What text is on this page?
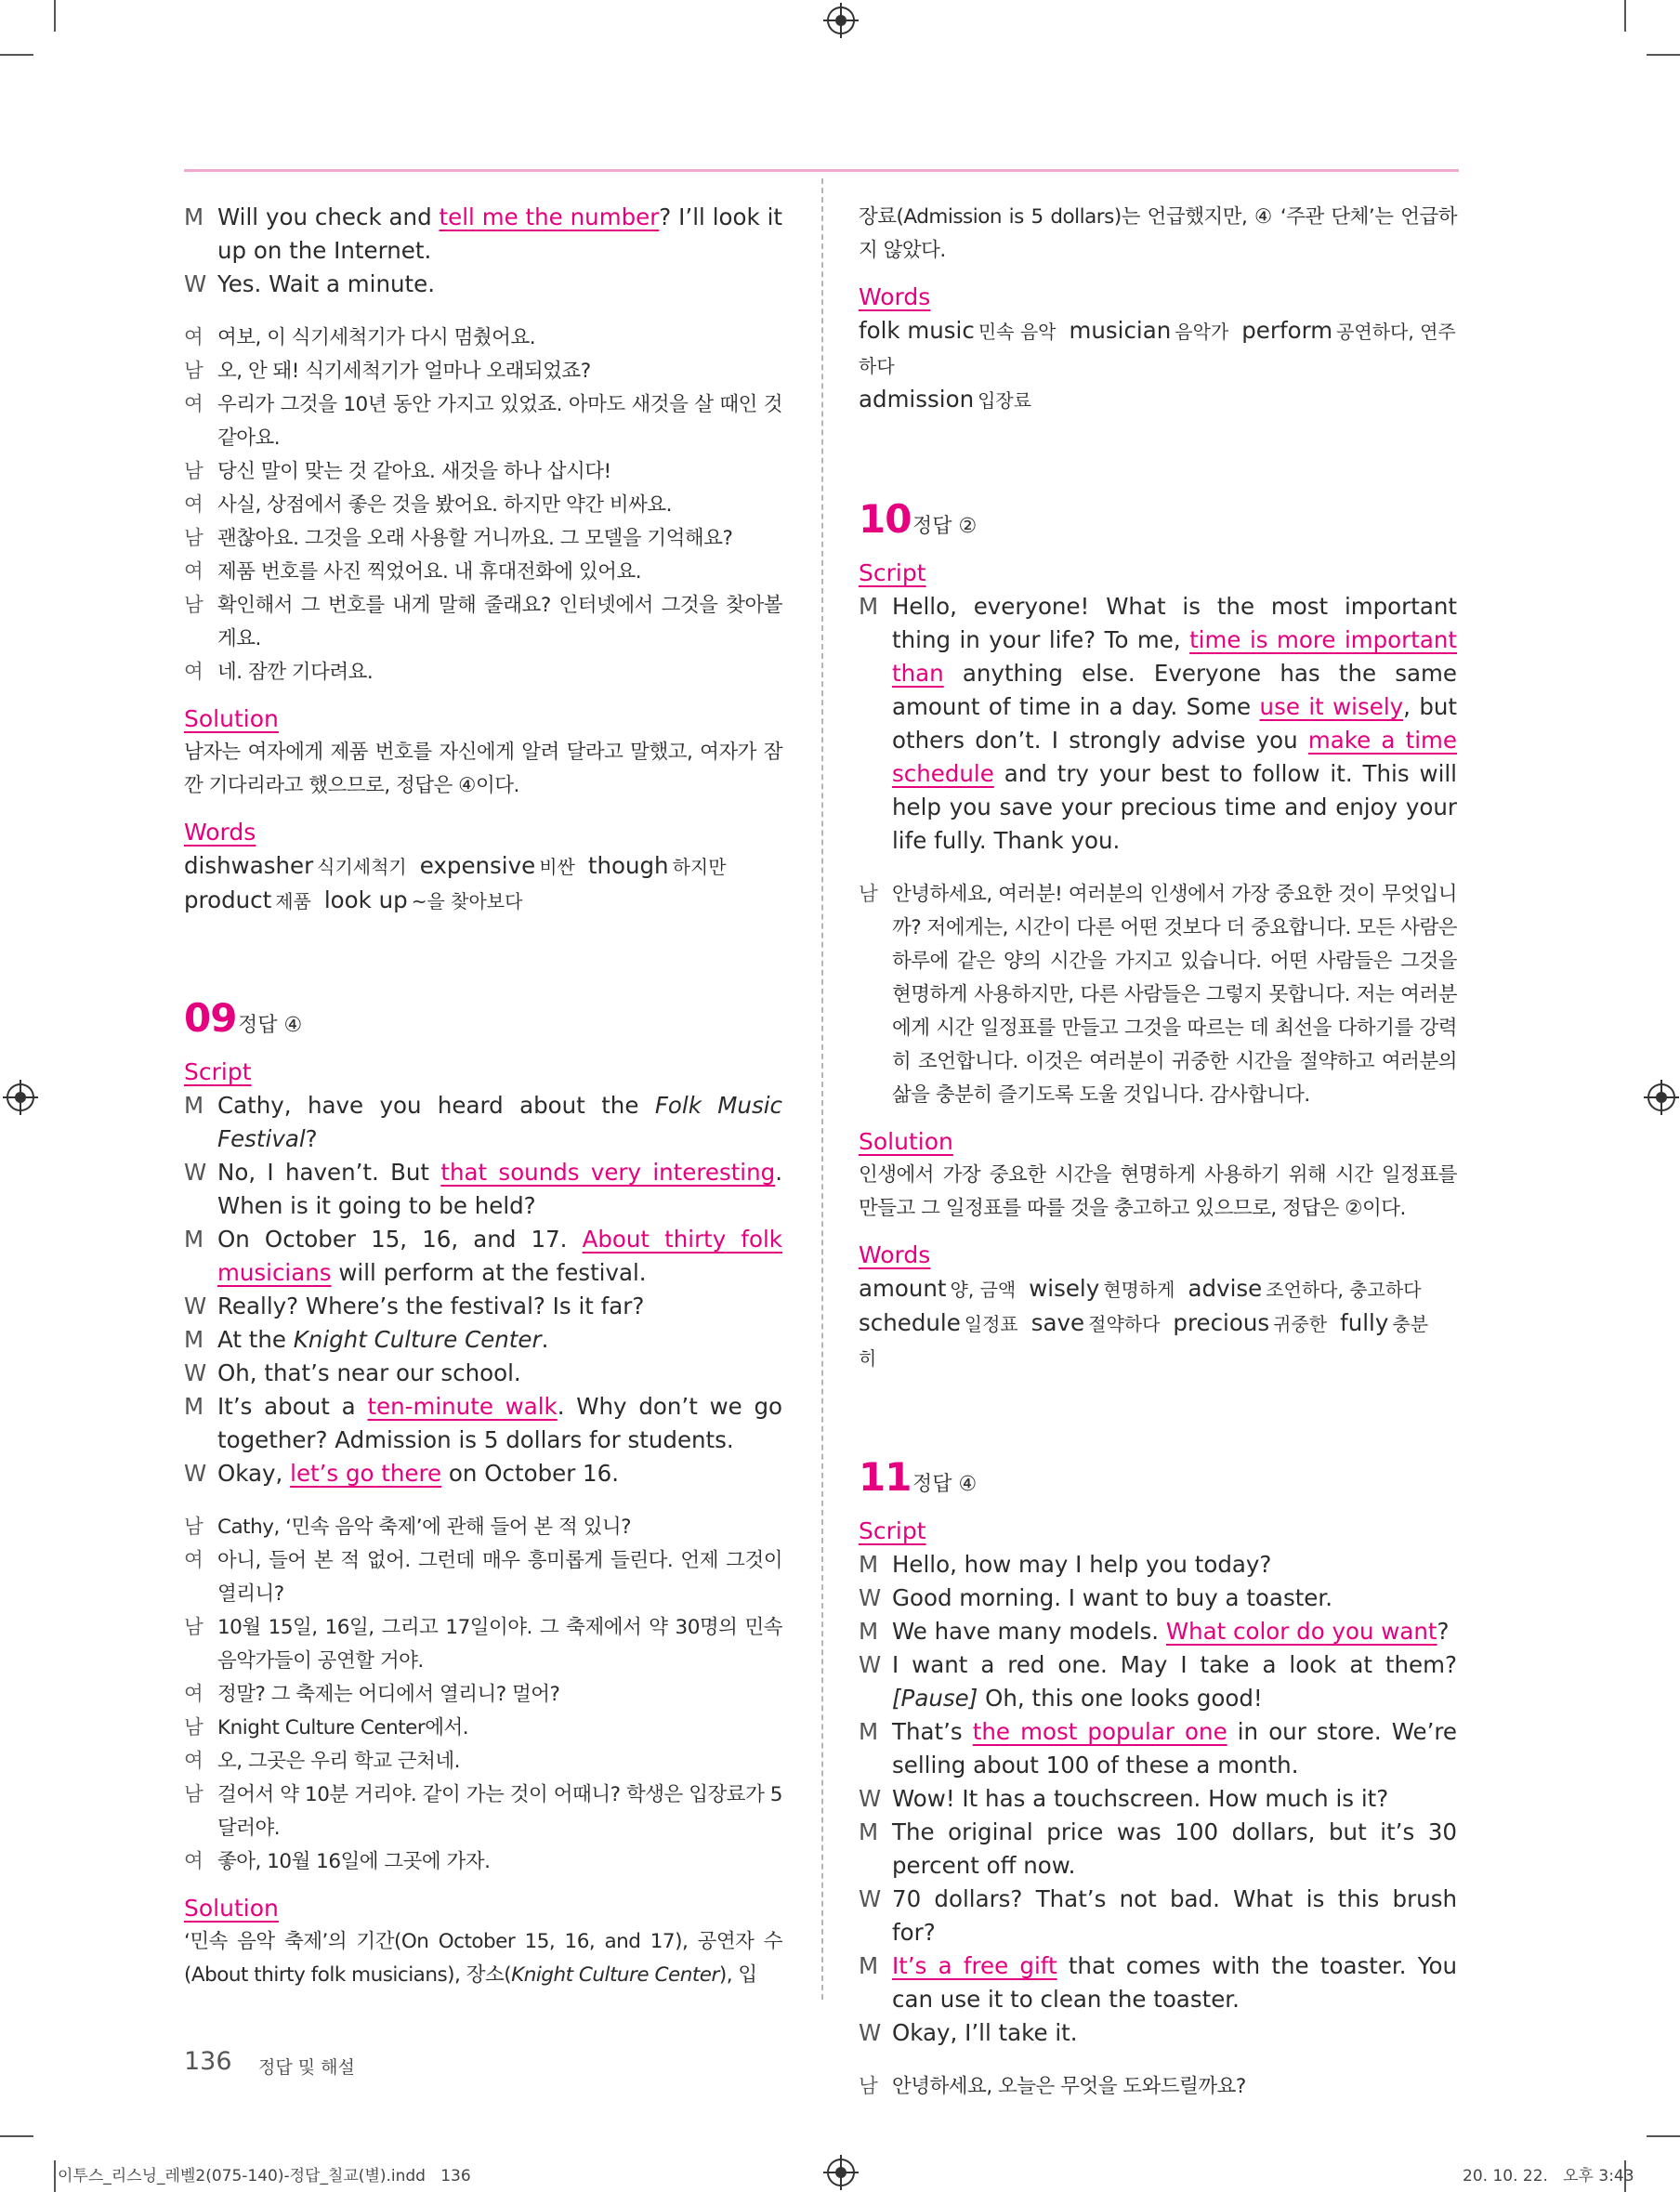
M Will you check and tell me the number? I’ll look it up on the Internet.
W Yes. Wait a minute.
여 여보, 이 식기세척기가 다시 멈췄어요.
남 오, 안 돼! 식기세척기가 얼마나 오래되었죠?
여 우리가 그것을 10년 동안 가지고 있었죠. 아마도 새것을 살 때인 것 같아요.
남 당신 말이 맞는 것 같아요. 새것을 하나 삽시다!
여 사실, 상점에서 좋은 것을 봤어요. 하지만 약간 비싸요.
남 괜찮아요. 그것을 오래 사용할 거니까요. 그 모델을 기억해요?
여 제품 번호를 사진 찍었어요. 내 휴대전화에 있어요.
남 확인해서 그 번호를 내게 말해 줄래요? 인터넷에서 그것을 찾아볼게요.
여 네. 잠깐 기다려요.
Solution
남자는 여자에게 제품 번호를 자신에게 알려 달라고 말했고, 여자가 잠깐 기다리라고 했으므로, 정답은 ④이다.
Words
dishwasher 식기세척기 expensive 비싼 though 하지만
product 제품 look up ~을 찾아보다
09 정답 ④
Script
M Cathy, have you heard about the Folk Music Festival?
W No, I haven’t. But that sounds very interesting. When is it going to be held?
M On October 15, 16, and 17. About thirty folk musicians will perform at the festival.
W Really? Where’s the festival? Is it far?
M At the Knight Culture Center.
W Oh, that’s near our school.
M It’s about a ten-minute walk. Why don’t we go together? Admission is 5 dollars for students.
W Okay, let’s go there on October 16.
남 Cathy, ‘민속 음악 축제’에 관해 들어 본 적 있니?
여 아니, 들어 본 적 없어. 그런데 매우 흥미롭게 들린다. 언제 그것이 열리니?
남 10월 15일, 16일, 그리고 17일이야. 그 축제에서 약 30명의 민속 음악가들이 공연할 거야.
여 정말? 그 축제는 어디에서 열리니? 멀어?
남 Knight Culture Center에서.
여 오, 그곳은 우리 학교 근처네.
남 걸어서 약 10분 거리야. 같이 가는 것이 어때니? 학생은 입장료가 5달러야.
여 좋아, 10월 16일에 그곳에 가자.
Solution
‘민속 음악 축제’의 기간(On October 15, 16, and 17), 공연자 수(About thirty folk musicians), 장소(Knight Culture Center), 입
장료(Admission is 5 dollars)는 언급했지만, ④ ‘주관 단체’는 언급하지 않았다.
Words
folk music 민속 음악 musician 음악가 perform 공연하다, 연주하다
admission 입장료
10 정답 ②
Script
M Hello, everyone! What is the most important thing in your life? To me, time is more important than anything else. Everyone has the same amount of time in a day. Some use it wisely, but others don’t. I strongly advise you make a time schedule and try your best to follow it. This will help you save your precious time and enjoy your life fully. Thank you.
남 안녕하세요, 여러분! 여러분의 인생에서 가장 중요한 것이 무엇입니까? 저에게는, 시간이 다른 어떤 것보다 더 중요합니다. 모든 사람은 하루에 같은 양의 시간을 가지고 있습니다. 어떤 사람들은 그것을 현명하게 사용하지만, 다른 사람들은 그렇지 못합니다. 저는 여러분에게 시간 일정표를 만들고 그것을 따르는 데 최선을 다하기를 강력히 조언합니다. 이것은 여러분이 귀중한 시간을 절약하고 여러분의 삶을 충분히 즐기도록 도울 것입니다. 감사합니다.
Solution
인생에서 가장 중요한 시간을 현명하게 사용하기 위해 시간 일정표를 만들고 그 일정표를 따를 것을 충고하고 있으므로, 정답은 ②이다.
Words
amount 양, 금액 wisely 현명하게 advise 조언하다, 충고하다
schedule 일정표 save 절약하다 precious 귀중한 fully 충분히
11 정답 ④
Script
M Hello, how may I help you today?
W Good morning. I want to buy a toaster.
M We have many models. What color do you want?
W I want a red one. May I take a look at them? [Pause] Oh, this one looks good!
M That’s the most popular one in our store. We’re selling about 100 of these a month.
W Wow! It has a touchscreen. How much is it?
M The original price was 100 dollars, but it’s 30 percent off now.
W 70 dollars? That’s not bad. What is this brush for?
M It’s a free gift that comes with the toaster. You can use it to clean the toaster.
W Okay, I’ll take it.
남 안녕하세요, 오늘은 무엇을 도와드릴까요?
136 정답 및 해설
이투스_리스닝_레벨2(075-140)-정답_칠교(별).indd   136	20. 10. 22.   오후 3:43
